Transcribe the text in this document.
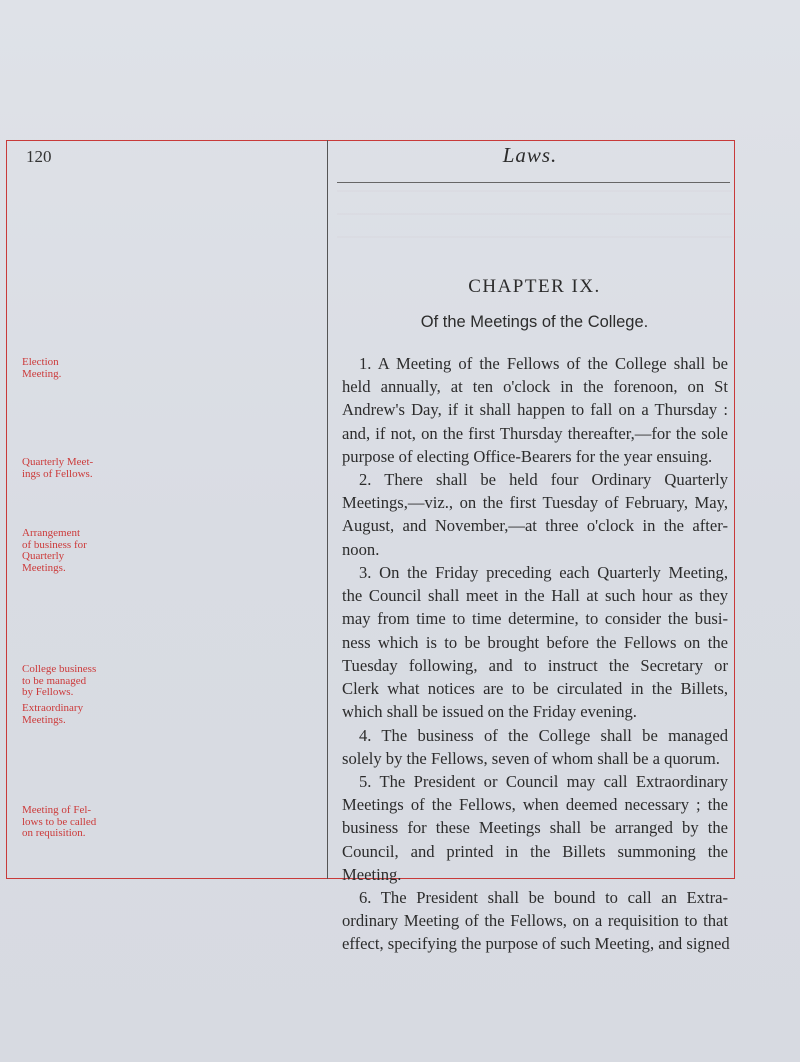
120	Laws.
CHAPTER IX.
Of the Meetings of the College.
Election
Meeting.
Quarterly Meet-
ings of Fellows.
Arrangement
of business for
Quarterly
Meetings.
College business
to be managed
by Fellows.
Extraordinary
Meetings.
Meeting of Fel-
lows to be called
on requisition.
1. A Meeting of the Fellows of the College shall be
held annually, at ten o'clock in the forenoon, on St
Andrew's Day, if it shall happen to fall on a Thursday :
and, if not, on the first Thursday thereafter,—for the sole
purpose of electing Office-Bearers for the year ensuing.
2. There shall be held four Ordinary Quarterly
Meetings,—viz., on the first Tuesday of February, May,
August, and November,—at three o'clock in the after-
noon.
3. On the Friday preceding each Quarterly Meeting,
the Council shall meet in the Hall at such hour as they
may from time to time determine, to consider the busi-
ness which is to be brought before the Fellows on the
Tuesday following, and to instruct the Secretary or
Clerk what notices are to be circulated in the Billets,
which shall be issued on the Friday evening.
4. The business of the College shall be managed
solely by the Fellows, seven of whom shall be a quorum.
5. The President or Council may call Extraordinary
Meetings of the Fellows, when deemed necessary ; the
business for these Meetings shall be arranged by the
Council, and printed in the Billets summoning the
Meeting.
6. The President shall be bound to call an Extra-
ordinary Meeting of the Fellows, on a requisition to that
effect, specifying the purpose of such Meeting, and signed
